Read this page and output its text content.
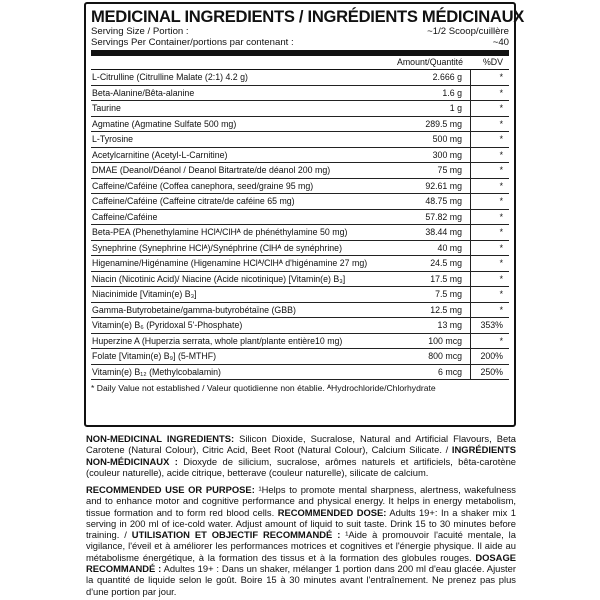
MEDICINAL INGREDIENTS / INGRÉDIENTS MÉDICINAUX
Serving Size / Portion :	~1/2 Scoop/cuillère
Servings Per Container/portions par contenant :	~40
Amount/Quantité	%DV
L-Citrulline (Citrulline Malate (2:1) 4.2 g)	2.666 g	*
Beta-Alanine/Bêta-alanine	1.6 g	*
Taurine	1 g	*
Agmatine (Agmatine Sulfate 500 mg)	289.5 mg	*
L-Tyrosine	500 mg	*
Acetylcarnitine (Acetyl-L-Carnitine)	300 mg	*
DMAE (Deanol/Déanol / Deanol Bitartrate/de déanol 200 mg)	75 mg	*
Caffeine/Caféine (Coffea canephora, seed/graine 95 mg)	92.61 mg	*
Caffeine/Caféine (Caffeine citrate/de caféine 65 mg)	48.75 mg	*
Caffeine/Caféine	57.82 mg	*
Beta-PEA (Phenethylamine HClᴬ/ClHᴬ de phénéthylamine 50 mg)	38.44 mg	*
Synephrine (Synephrine HClᴬ)/Synéphrine (ClHᴬ de synéphrine)	40 mg	*
Higenamine/Higénamine (Higenamine HClᴬ/ClHᴬ d'higénamine 27 mg)	24.5 mg	*
Niacin (Nicotinic Acid)/ Niacine (Acide nicotinique) [Vitamin(e) B₃]	17.5 mg	*
Niacinimide [Vitamin(e) B₃]	7.5 mg	*
Gamma-Butyrobetaine/gamma-butyrobétaïne (GBB)	12.5 mg	*
Vitamin(e) B₆ (Pyridoxal 5'-Phosphate)	13 mg	353%
Huperzine A (Huperzia serrata, whole plant/plante entière10 mg)	100 mcg	*
Folate [Vitamin(e) B₉] (5-MTHF)	800 mcg	200%
Vitamin(e) B₁₂ (Methylcobalamin)	6 mcg	250%
* Daily Value not established / Valeur quotidienne non établie. ᴬHydrochloride/Chlorhydrate
NON-MEDICINAL INGREDIENTS: Silicon Dioxide, Sucralose, Natural and Artificial Flavours, Beta Carotene (Natural Colour), Citric Acid, Beet Root (Natural Colour), Calcium Silicate. / INGRÉDIENTS NON-MÉDICINAUX : Dioxyde de silicium, sucralose, arômes naturels et artificiels, bêta-carotène (couleur naturelle), acide citrique, betterave (couleur naturelle), silicate de calcium.
RECOMMENDED USE OR PURPOSE: ¹Helps to promote mental sharpness, alertness, wakefulness and to enhance motor and cognitive performance and physical energy. It helps in energy metabolism, tissue formation and to form red blood cells. RECOMMENDED DOSE: Adults 19+: In a shaker mix 1 serving in 200 ml of ice-cold water. Adjust amount of liquid to suit taste. Drink 15 to 30 minutes before training. / UTILISATION ET OBJECTIF RECOMMANDÉ : ¹Aide à promouvoir l'acuité mentale, la vigilance, l'éveil et à améliorer les performances motrices et cognitives et l'énergie physique. Il aide au métabolisme énergétique, à la formation des tissus et à la formation des globules rouges. DOSAGE RECOMMANDÉ : Adultes 19+ : Dans un shaker, mélanger 1 portion dans 200 ml d'eau glacée. Ajuster la quantité de liquide selon le goût. Boire 15 à 30 minutes avant l'entraînement. Ne prenez pas plus d'une portion par jour.
